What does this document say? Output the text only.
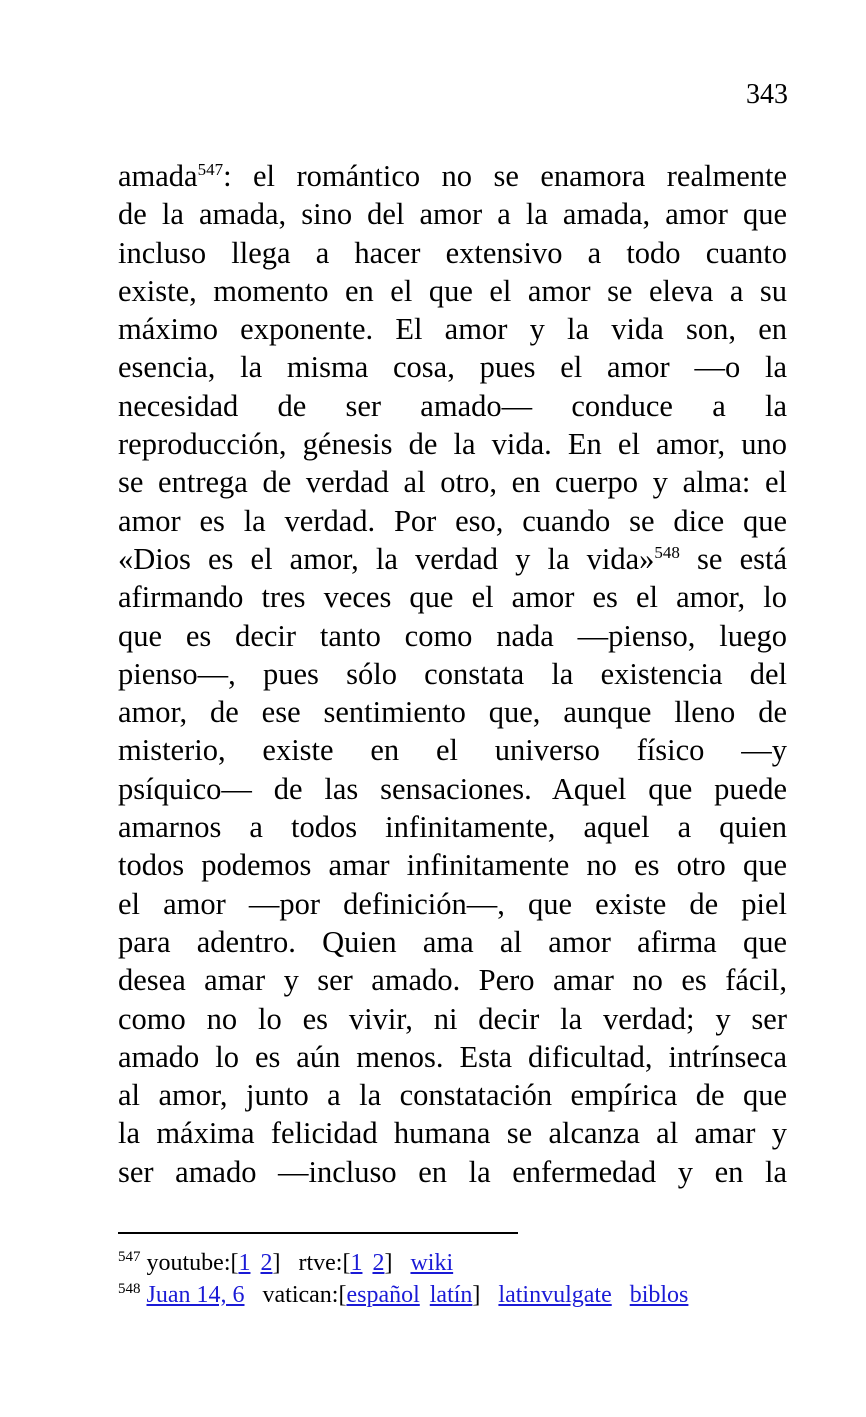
343
amada$^{547}$: el romántico no se enamora realmente
de la amada, sino del amor a la amada, amor que
incluso llega a hacer extensivo a todo cuanto
existe, momento en el que el amor se eleva a su
máximo exponente. El amor y la vida son, en
esencia, la misma cosa, pues el amor —o la
necesidad de ser amado— conduce a la
reproducción, génesis de la vida. En el amor, uno
se entrega de verdad al otro, en cuerpo y alma: el
amor es la verdad. Por eso, cuando se dice que
«Dios es el amor, la verdad y la vida»$^{548}$ se está
afirmando tres veces que el amor es el amor, lo
que es decir tanto como nada —pienso, luego
pienso—, pues sólo constata la existencia del
amor, de ese sentimiento que, aunque lleno de
misterio, existe en el universo físico —y
psíquico— de las sensaciones. Aquel que puede
amarnos a todos infinitamente, aquel a quien
todos podemos amar infinitamente no es otro que
el amor —por definición—, que existe de piel
para adentro. Quien ama al amor afirma que
desea amar y ser amado. Pero amar no es fácil,
como no lo es vivir, ni decir la verdad; y ser
amado lo es aún menos. Esta dificultad, intrínseca
al amor, junto a la constatación empírica de que
la máxima felicidad humana se alcanza al amar y
ser amado —incluso en la enfermedad y en la
$^{547}$ youtube:[1 2] rtve:[1 2] wiki
$^{548}$ Juan 14, 6 vatican:[español latín] latinvulgate biblos
